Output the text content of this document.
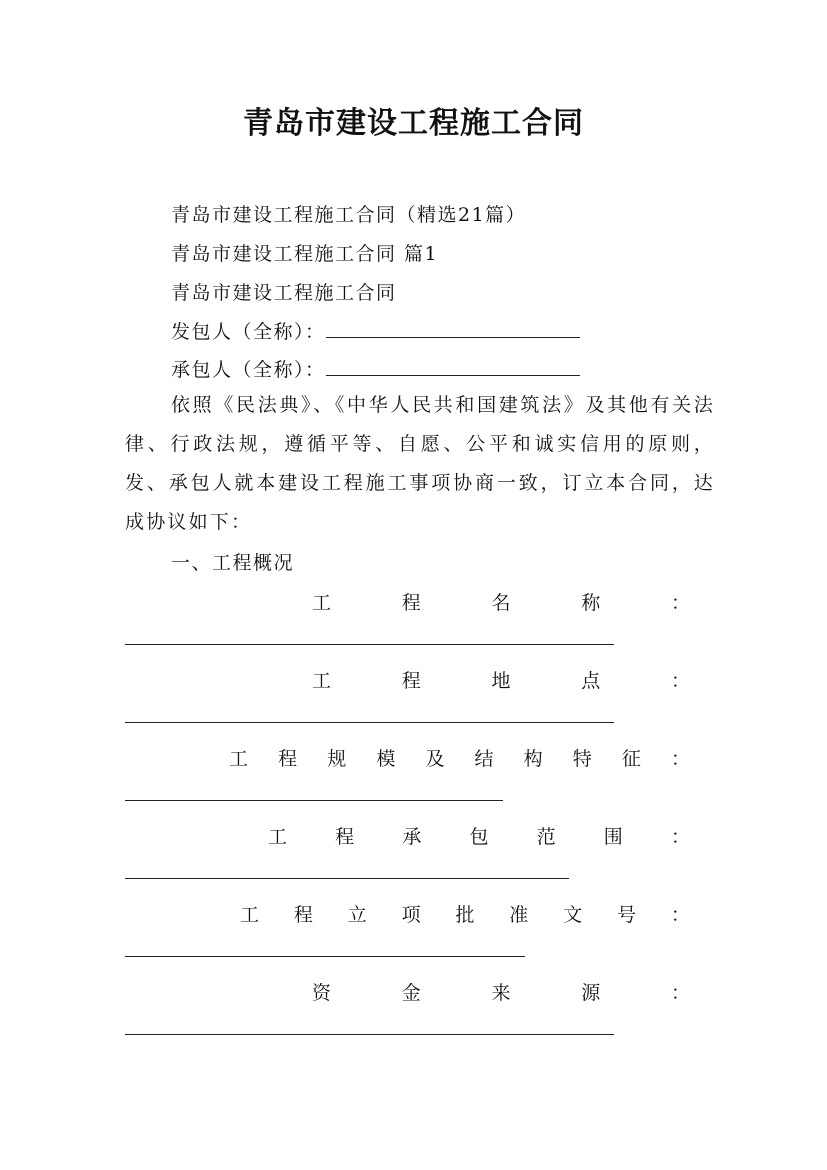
青岛市建设工程施工合同
青岛市建设工程施工合同（精选21篇）
青岛市建设工程施工合同 篇1
青岛市建设工程施工合同
发包人（全称）：
承包人（全称）：
依照《民法典》、《中华人民共和国建筑法》及其他有关法律、行政法规，遵循平等、自愿、公平和诚实信用的原则，发、承包人就本建设工程施工事项协商一致，订立本合同，达成协议如下：
一、工程概况
工	程	名	称	：
工	程	地	点	：
工 程 规 模 及 结 构 特 征 ：
工	程	承	包	范	围	：
工 程 立 项 批 准 文 号 ：
资	金	来	源	：
